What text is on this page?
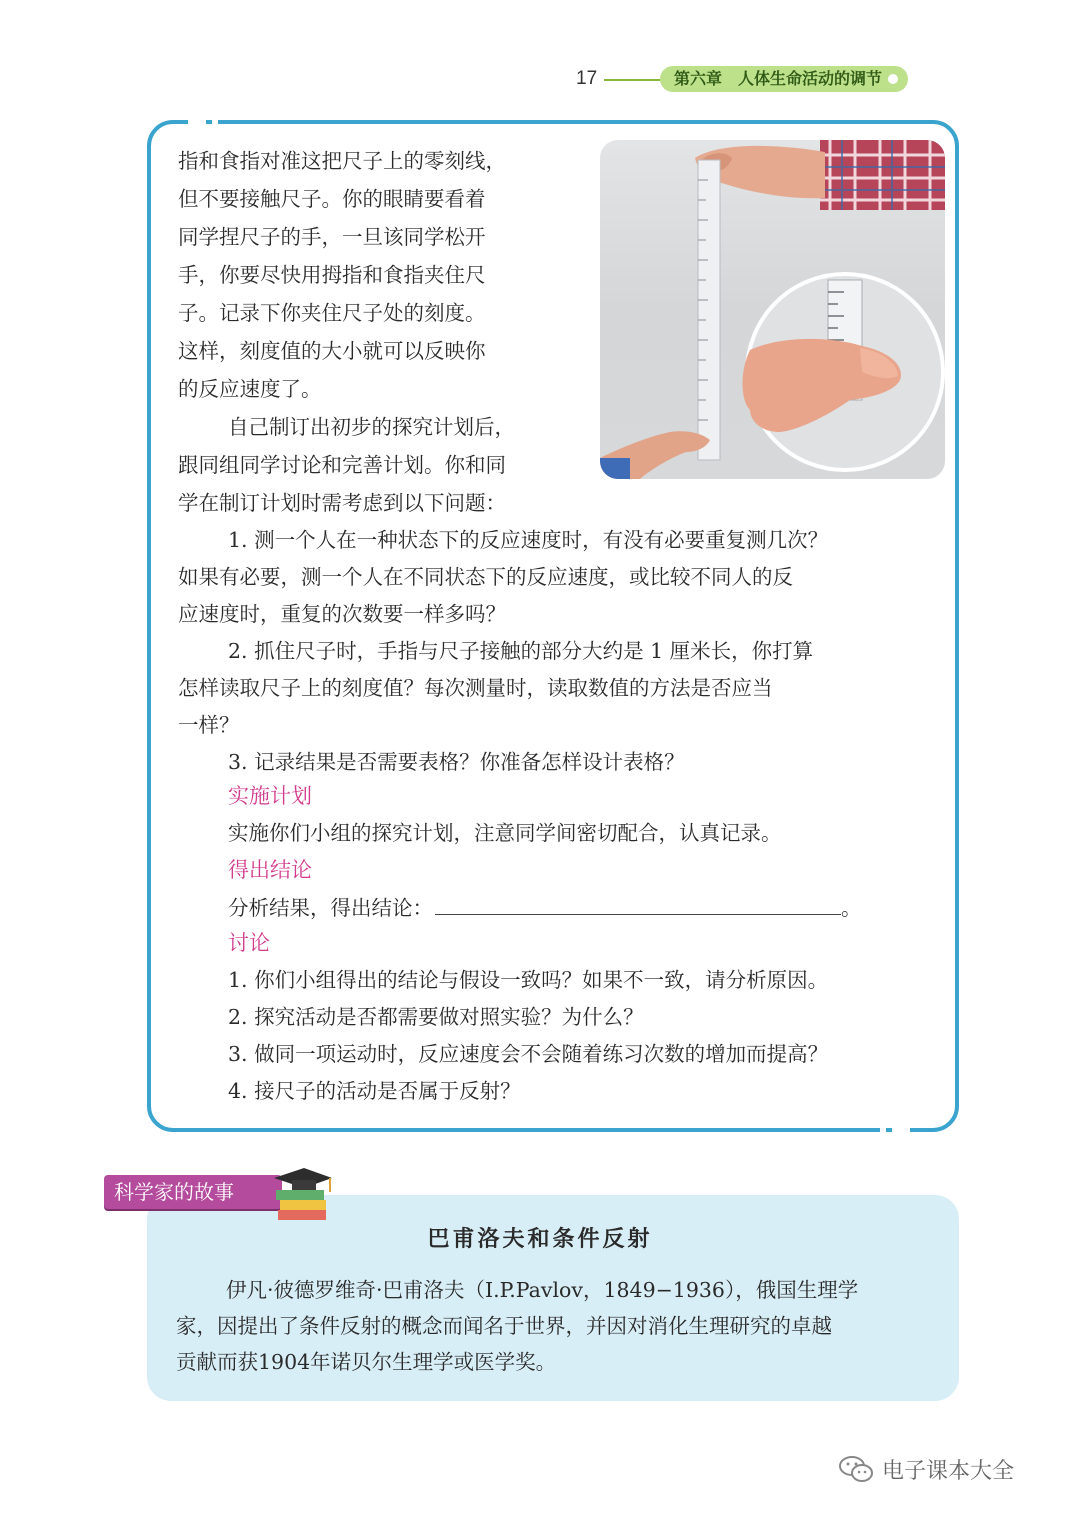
17	第六章　人体生命活动的调节

指和食指对准这把尺子上的零刻线，

但不要接触尺子。你的眼睛要看着

同学捏尺子的手，一旦该同学松开

手，你要尽快用拇指和食指夹住尺

子。记录下你夹住尺子处的刻度。

这样，刻度值的大小就可以反映你

的反应速度了。

自己制订出初步的探究计划后，

跟同组同学讨论和完善计划。你和同

学在制订计划时需考虑到以下问题：

1. 测一个人在一种状态下的反应速度时，有没有必要重复测几次？

如果有必要，测一个人在不同状态下的反应速度，或比较不同人的反

应速度时，重复的次数要一样多吗？

2. 抓住尺子时，手指与尺子接触的部分大约是 1 厘米长，你打算

怎样读取尺子上的刻度值？每次测量时，读取数值的方法是否应当

一样？

3. 记录结果是否需要表格？你准备怎样设计表格？

实施计划

实施你们小组的探究计划，注意同学间密切配合，认真记录。

得出结论

分析结果，得出结论：	。

讨论

1. 你们小组得出的结论与假设一致吗？如果不一致，请分析原因。

2. 探究活动是否都需要做对照实验？为什么？

3. 做同一项运动时，反应速度会不会随着练习次数的增加而提高？

4. 接尺子的活动是否属于反射？

科学家的故事
巴甫洛夫和条件反射
伊凡·彼德罗维奇·巴甫洛夫（I.P.Pavlov，1849−1936），俄国生理学
家，因提出了条件反射的概念而闻名于世界，并因对消化生理研究的卓越
贡献而获1904年诺贝尔生理学或医学奖。
电子课本大全
